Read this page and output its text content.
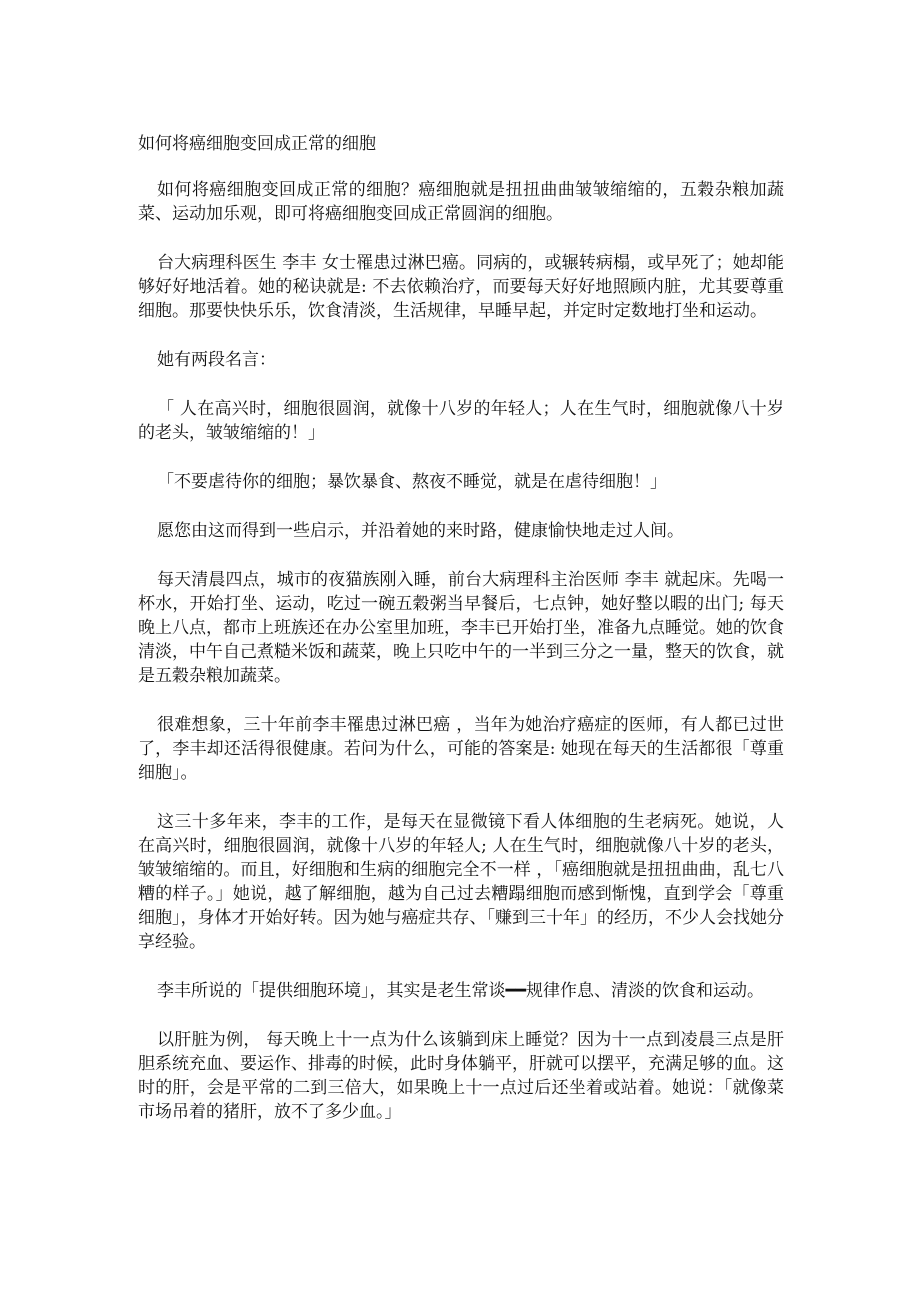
如何将癌细胞变回成正常的细胞

如何将癌细胞变回成正常的细胞？癌细胞就是扭扭曲曲皱皱缩缩的，五穀杂粮加蔬菜、运动加乐观，即可将癌细胞变回成正常圆润的细胞。

台大病理科医生 李丰 女士罹患过淋巴癌。同病的，或辗转病榻，或早死了；她却能够好好地活着。她的秘诀就是: 不去依赖治疗，而要每天好好地照顾内脏，尤其要尊重细胞。那要快快乐乐，饮食清淡，生活规律，早睡早起，并定时定数地打坐和运动。

她有两段名言：

「 人在高兴时，细胞很圆润，就像十八岁的年轻人；人在生气时，细胞就像八十岁的老头，皱皱缩缩的！」

「不要虐待你的细胞；暴饮暴食、熬夜不睡觉，就是在虐待细胞！」

愿您由这而得到一些启示，并沿着她的来时路，健康愉快地走过人间。

每天清晨四点，城市的夜猫族刚入睡，前台大病理科主治医师 李丰 就起床。先喝一杯水，开始打坐、运动，吃过一碗五穀粥当早餐后，七点钟，她好整以暇的出门; 每天晚上八点，都市上班族还在办公室里加班，李丰已开始打坐，准备九点睡觉。她的饮食清淡，中午自己煮糙米饭和蔬菜，晚上只吃中午的一半到三分之一量，整天的饮食，就是五穀杂粮加蔬菜。

很难想象，三十年前李丰罹患过淋巴癌 ，当年为她治疗癌症的医师，有人都已过世了，李丰却还活得很健康。若问为什么，可能的答案是: 她现在每天的生活都很「尊重细胞」。

这三十多年来，李丰的工作，是每天在显微镜下看人体细胞的生老病死。她说，人在高兴时，细胞很圆润，就像十八岁的年轻人; 人在生气时，细胞就像八十岁的老头，皱皱缩缩的。而且，好细胞和生病的细胞完全不一样 ，「癌细胞就是扭扭曲曲，乱七八糟的样子。」她说，越了解细胞，越为自己过去糟蹋细胞而感到惭愧，直到学会「尊重细胞」，身体才开始好转。因为她与癌症共存、「赚到三十年」的经历，不少人会找她分享经验。

李丰所说的「提供细胞环境」，其实是老生常谈━━规律作息、清淡的饮食和运动。

以肝脏为例， 每天晚上十一点为什么该躺到床上睡觉？因为十一点到凌晨三点是肝胆系统充血、要运作、排毒的时候，此时身体躺平，肝就可以摆平，充满足够的血。这时的肝，会是平常的二到三倍大，如果晚上十一点过后还坐着或站着。她说：「就像菜市场吊着的猪肝，放不了多少血。」
